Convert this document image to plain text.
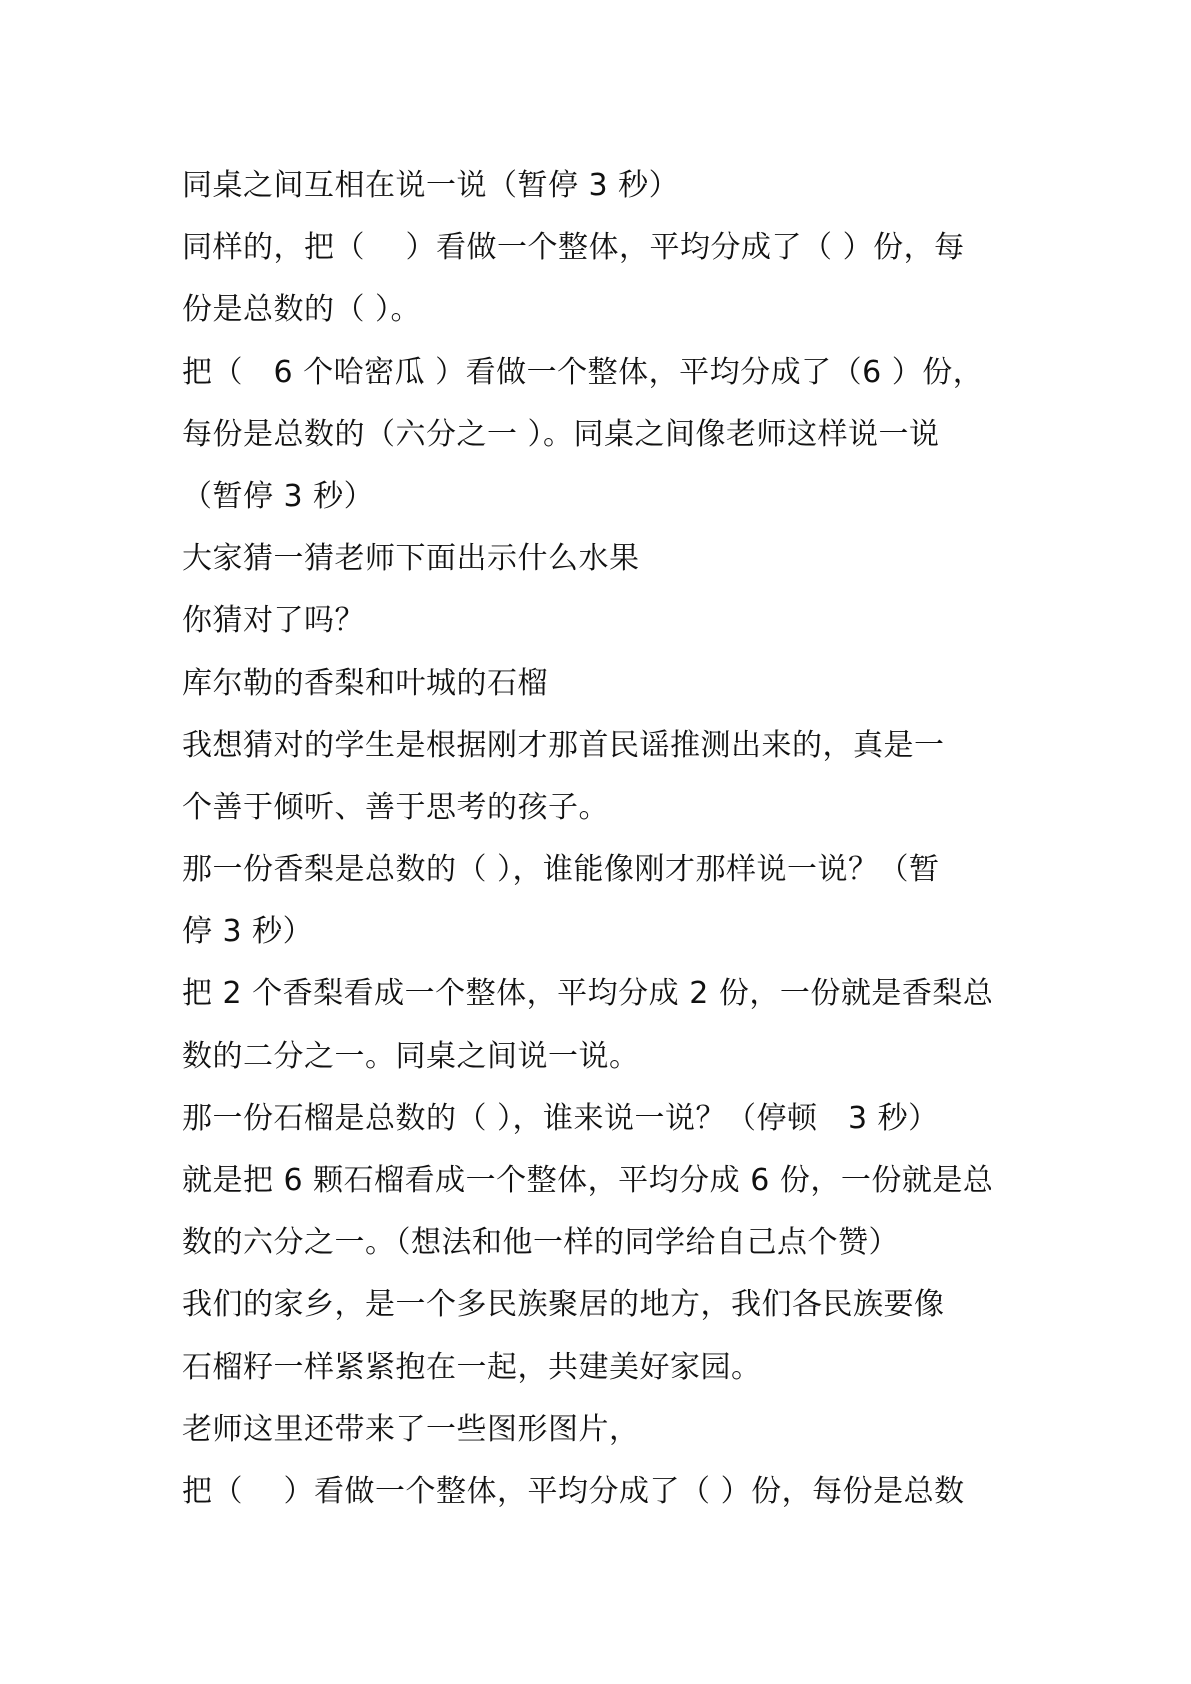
同桌之间互相在说一说（暂停 3 秒）
同样的，把（　 ）看做一个整体，平均分成了（ ）份，每
份是总数的（ ）。
把（　6 个哈密瓜 ）看做一个整体，平均分成了（6 ）份，
每份是总数的（六分之一 ）。同桌之间像老师这样说一说
（暂停 3 秒）
大家猜一猜老师下面出示什么水果
你猜对了吗？
库尔勒的香梨和叶城的石榴
我想猜对的学生是根据刚才那首民谣推测出来的，真是一
个善于倾听、善于思考的孩子。
那一份香梨是总数的（ ），谁能像刚才那样说一说？（暂
停 3 秒）
把 2 个香梨看成一个整体，平均分成 2 份，一份就是香梨总
数的二分之一。同桌之间说一说。
那一份石榴是总数的（ ），谁来说一说？（停顿　3 秒）
就是把 6 颗石榴看成一个整体，平均分成 6 份，一份就是总
数的六分之一。（想法和他一样的同学给自己点个赞）
我们的家乡，是一个多民族聚居的地方，我们各民族要像
石榴籽一样紧紧抱在一起，共建美好家园。
老师这里还带来了一些图形图片，
把（　 ）看做一个整体，平均分成了（ ）份，每份是总数
